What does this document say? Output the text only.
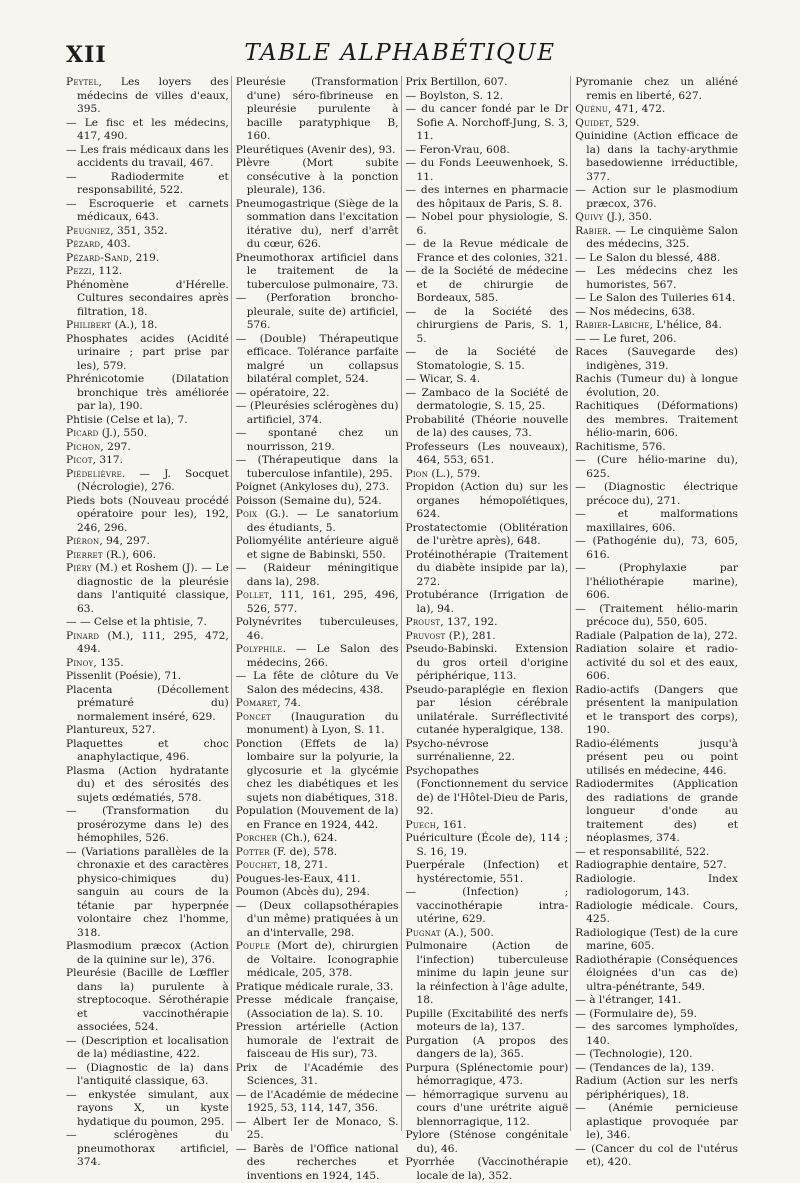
XII	TABLE ALPHABÉTIQUE

Peytel, Les loyers des médecins de villes d'eaux, 395.

— Le fisc et les médecins, 417, 490.

— Les frais médicaux dans les accidents du travail, 467.

— Radiodermite et responsabilité, 522.

— Escroquerie et carnets médicaux, 643.

Peugniez, 351, 352.

Pézard, 403.

Pézard-Sand, 219.

Pezzi, 112.

Phénomène d'Hérelle. Cultures secondaires après filtration, 18.

Philibert (A.), 18.

Phosphates acides (Acidité urinaire ; part prise par les), 579.

Phrénicotomie (Dilatation bronchique très améliorée par la), 190.

Phtisie (Celse et la), 7.

Picard (J.), 550.

Pichon, 297.

Picot, 317.

Piédelièvre. — J. Socquet (Nécrologie), 276.

Pieds bots (Nouveau procédé opératoire pour les), 192, 246, 296.

Piéron, 94, 297.

Pierret (R.), 606.

Piéry (M.) et Roshem (J). — Le diagnostic de la pleurésie dans l'antiquité classique, 63.

— — Celse et la phtisie, 7.

Pinard (M.), 111, 295, 472, 494.

Pinoy, 135.

Pissenlit (Poésie), 71.

Placenta (Décollement prématuré du) normalement inséré, 629.

Plantureux, 527.

Plaquettes et choc anaphylactique, 496.

Plasma (Action hydratante du) et des sérosités des sujets œdématiés, 578.

— (Transformation du prosérozyme dans le) des hémophiles, 526.

— (Variations parallèles de la chronaxie et des caractères physico-chimiques du) sanguin au cours de la tétanie par hyperpnée volontaire chez l'homme, 318.

Plasmodium præcox (Action de la quinine sur le), 376.

Pleurésie (Bacille de Lœffler dans la) purulente à streptocoque. Sérothérapie et vaccinothérapie associées, 524.

— (Description et localisation de la) médiastine, 422.

— (Diagnostic de la) dans l'antiquité classique, 63.

— enkystée simulant, aux rayons X, un kyste hydatique du poumon, 295.

— sclérogènes du pneumothorax artificiel, 374.

Pleurésie (Transformation d'une) séro-fibrineuse en pleurésie purulente à bacille paratyphique B, 160.

Pleurétiques (Avenir des), 93.

Plèvre (Mort subite consécutive à la ponction pleurale), 136.

Pneumogastrique (Siège de la sommation dans l'excitation itérative du), nerf d'arrêt du cœur, 626.

Pneumothorax artificiel dans le traitement de la tuberculose pulmonaire, 73.

— (Perforation broncho-pleurale, suite de) artificiel, 576.

— (Double) Thérapeutique efficace. Tolérance parfaite malgré un collapsus bilatéral complet, 524.

— opératoire, 22.

— (Pleurésies sclérogènes du) artificiel, 374.

— spontané chez un nourrisson, 219.

— (Thérapeutique dans la tuberculose infantile), 295.

Poignet (Ankyloses du), 273.

Poisson (Semaine du), 524.

Poix (G.). — Le sanatorium des étudiants, 5.

Poliomyélite antérieure aiguë et signe de Babinski, 550.

— (Raideur méningitique dans la), 298.

Pollet, 111, 161, 295, 496, 526, 577.

Polynévrites tuberculeuses, 46.

Polyphile. — Le Salon des médecins, 266.

— La fête de clôture du Ve Salon des médecins, 438.

Pomaret, 74.

Poncet (Inauguration du monument) à Lyon, S. 11.

Ponction (Effets de la) lombaire sur la polyurie, la glycosurie et la glycémie chez les diabétiques et les sujets non diabétiques, 318.

Population (Mouvement de la) en France en 1924, 442.

Porcher (Ch.), 624.

Potter (F. de), 578.

Pouchet, 18, 271.

Pougues-les-Eaux, 411.

Poumon (Abcès du), 294.

— (Deux collapsothérapies d'un même) pratiquées à un an d'intervalle, 298.

Pouple (Mort de), chirurgien de Voltaire. Iconographie médicale, 205, 378.

Pratique médicale rurale, 33.

Presse médicale française, (Association de la). S. 10.

Pression artérielle (Action humorale de l'extrait de faisceau de His sur), 73.

Prix de l'Académie des Sciences, 31.

— de l'Académie de médecine 1925, 53, 114, 147, 356.

— Albert Ier de Monaco, S. 25.

— Barès de l'Office national des recherches et inventions en 1924, 145.

Prix Bertillon, 607.

— Boylston, S. 12.

— du cancer fondé par le Dr Sofie A. Norchoff-Jung, S. 3, 11.

— Feron-Vrau, 608.

— du Fonds Leeuwenhoek, S. 11.

— des internes en pharmacie des hôpitaux de Paris, S. 8.

— Nobel pour physiologie, S. 6.

— de la Revue médicale de France et des colonies, 321.

— de la Société de médecine et de chirurgie de Bordeaux, 585.

— de la Société des chirurgiens de Paris, S. 1, 5.

— de la Société de Stomatologie, S. 15.

— Wicar, S. 4.

— Zambaco de la Société de dermatologie, S. 15, 25.

Probabilité (Théorie nouvelle de la) des causes, 73.

Professeurs (Les nouveaux), 464, 553, 651.

Pion (L.), 579.

Propidon (Action du) sur les organes hémopoïétiques, 624.

Prostatectomie (Oblitération de l'urètre après), 648.

Protéinothérapie (Traitement du diabète insipide par la), 272.

Protubérance (Irrigation de la), 94.

Proust, 137, 192.

Pruvost (P.), 281.

Pseudo-Babinski. Extension du gros orteil d'origine périphérique, 113.

Pseudo-paraplégie en flexion par lésion cérébrale unilatérale. Surréflectivité cutanée hyperalgique, 138.

Psycho-névrose surrénalienne, 22.

Psychopathes (Fonctionnement du service de) de l'Hôtel-Dieu de Paris, 92.

Puech, 161.

Puériculture (École de), 114 ; S. 16, 19.

Puerpérale (Infection) et hystérectomie, 551.

— (Infection) ; vaccinothérapie intra-utérine, 629.

Pugnat (A.), 500.

Pulmonaire (Action de l'infection) tuberculeuse minime du lapin jeune sur la réinfection à l'âge adulte, 18.

Pupille (Excitabilité des nerfs moteurs de la), 137.

Purgation (A propos des dangers de la), 365.

Purpura (Splénectomie pour) hémorragique, 473.

— hémorragique survenu au cours d'une urétrite aiguë blennorragique, 112.

Pylore (Sténose congénitale du), 46.

Pyorrhée (Vaccinothérapie locale de la), 352.

Pyromanie chez un aliéné remis en liberté, 627.

Quénu, 471, 472.

Quidet, 529.

Quinidine (Action efficace de la) dans la tachy-arythmie basedowienne irréductible, 377.

— Action sur le plasmodium præcox, 376.

Quivy (J.), 350.

Rabier. — Le cinquième Salon des médecins, 325.

— Le Salon du blessé, 488.

— Les médecins chez les humoristes, 567.

— Le Salon des Tuileries 614.

— Nos médecins, 638.

Rabier-Labiche, L'hélice, 84.

— — Le furet, 206.

Races (Sauvegarde des) indigènes, 319.

Rachis (Tumeur du) à longue évolution, 20.

Rachitiques (Déformations) des membres. Traitement hélio-marin, 606.

Rachitisme, 576.

— (Cure hélio-marine du), 625.

— (Diagnostic électrique précoce du), 271.

— et malformations maxillaires, 606.

— (Pathogénie du), 73, 605, 616.

— (Prophylaxie par l'héliothérapie marine), 606.

— (Traitement hélio-marin précoce du), 550, 605.

Radiale (Palpation de la), 272.

Radiation solaire et radio-activité du sol et des eaux, 606.

Radio-actifs (Dangers que présentent la manipulation et le transport des corps), 190.

Radio-éléments jusqu'à présent peu ou point utilisés en médecine, 446.

Radiodermites (Application des radiations de grande longueur d'onde au traitement des) et néoplasmes, 374.

— et responsabilité, 522.

Radiographie dentaire, 527.

Radiologie. Index radiologorum, 143.

Radiologie médicale. Cours, 425.

Radiologique (Test) de la cure marine, 605.

Radiothérapie (Conséquences éloignées d'un cas de) ultra-pénétrante, 549.

— à l'étranger, 141.

— (Formulaire de), 59.

— des sarcomes lymphoïdes, 140.

— (Technologie), 120.

— (Tendances de la), 139.

Radium (Action sur les nerfs périphériques), 18.

— (Anémie pernicieuse aplastique provoquée par le), 346.

— (Cancer du col de l'utérus et), 420.
